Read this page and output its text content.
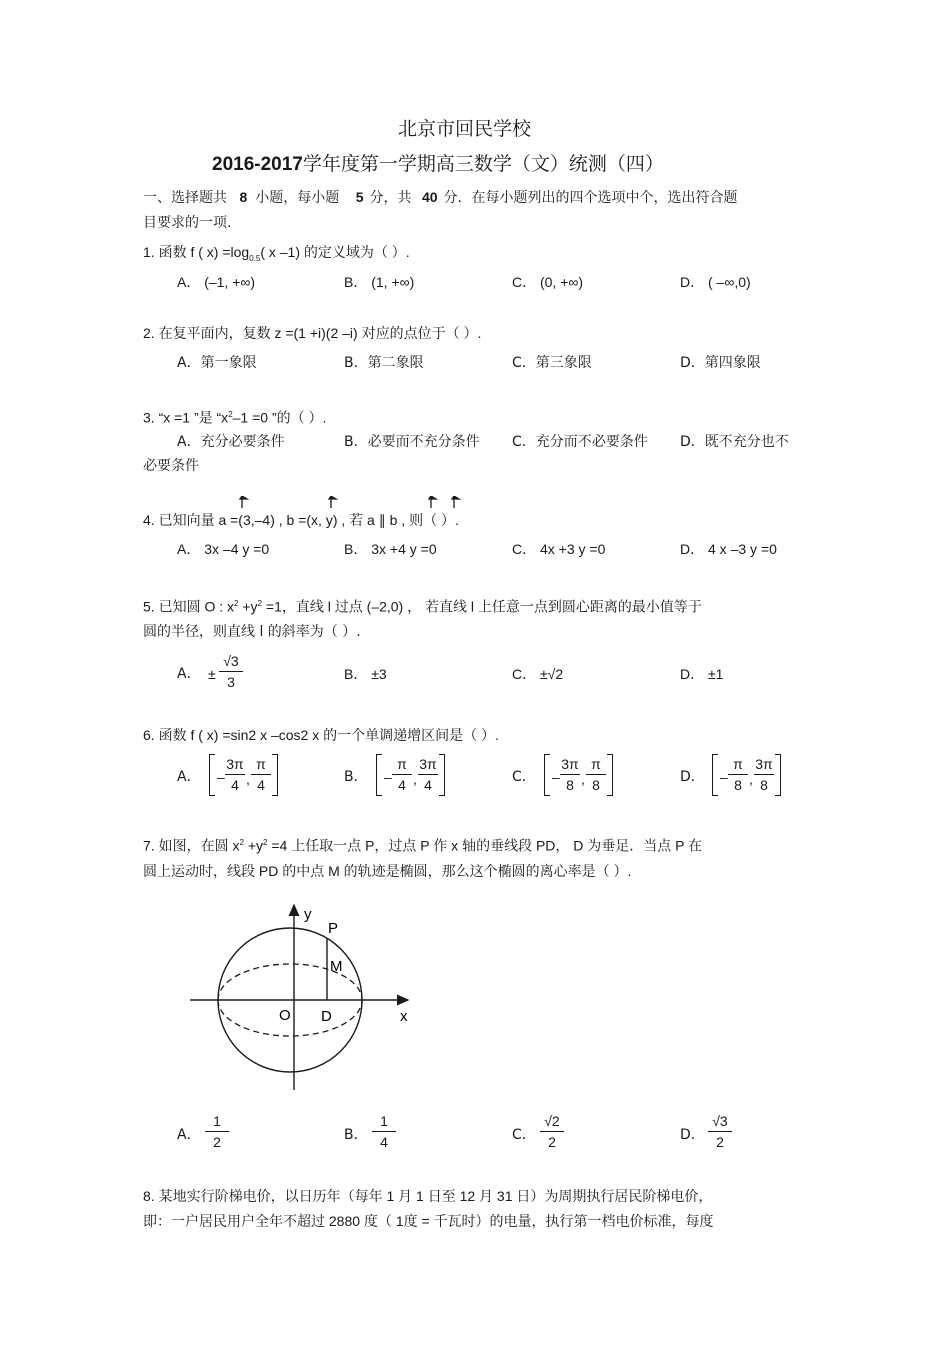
北京市回民学校
2016-2017学年度第一学期高三数学（文）统测（四）
一、选择题共 8 小题，每小题 5 分，共 40 分．在每小题列出的四个选项中个，选出符合题
目要求的一项.
1. 函数 f ( $x) =\log_{0.5}$( x –1) 的定义域为（ ）.
A． (–1, +∞)	B． (1, +∞)	C． (0, +∞)	D． ( –∞,0)
2. 在复平面内，复数 z =(1 +i)(2 –i) 对应的点位于（ ）.
A．第一象限	B．第二象限	C．第三象限	D．第四象限
3. “x =1 ”是 “$x^2-1 =0$ ”的（ ）.
A．充分必要条件	B．必要而不充分条件 C．充分而不必要条件 D．既不充分也不
必要条件
4. 已知向量 a =(3,–4) , b =(x, y) , 若 a ∥ b , 则（ ）.
A． 3x –4 y =0	B． 3x +4 y =0	C． 4x +3 y =0	D． 4 x –3 y =0
5. 已知圆 O : $x^2 +y^2 =1$，直线 l 过点 (–2,0) ， 若直线 l 上任意一点到圆心距离的最小值等于
圆的半径，则直线 l 的斜率为（ ）.
A． ±
√3
3	B． ±3	C． ±√2	D． ±1
6. 函数 f ( x) =sin2 x –cos2 x 的一个单调递增区间是（ ）.
A． –
3π
4 ,
π
4	B． –
π
4 ,
3π
4	C． –
3π
8 ,
π
8	D． –
π
8 ,
3π
8
7. 如图，在圆 $x^2 +y^2 =4$ 上任取一点 P，过点 P 作 x 轴的垂线段 PD， D 为垂足．当点 P 在
圆上运动时，线段 PD 的中点 M 的轨迹是椭圆，那么这个椭圆的离心率是（ ）.
y
P
M
O D	x
A．
1
2	B．
1
4	C．
√2
2	D．
√3
2
8. 某地实行阶梯电价，以日历年（每年 1 月 1 日至 12 月 31 日）为周期执行居民阶梯电价，
即：一户居民用户全年不超过 2880 度（ 1度 = 千瓦时）的电量，执行第一档电价标准，每度
